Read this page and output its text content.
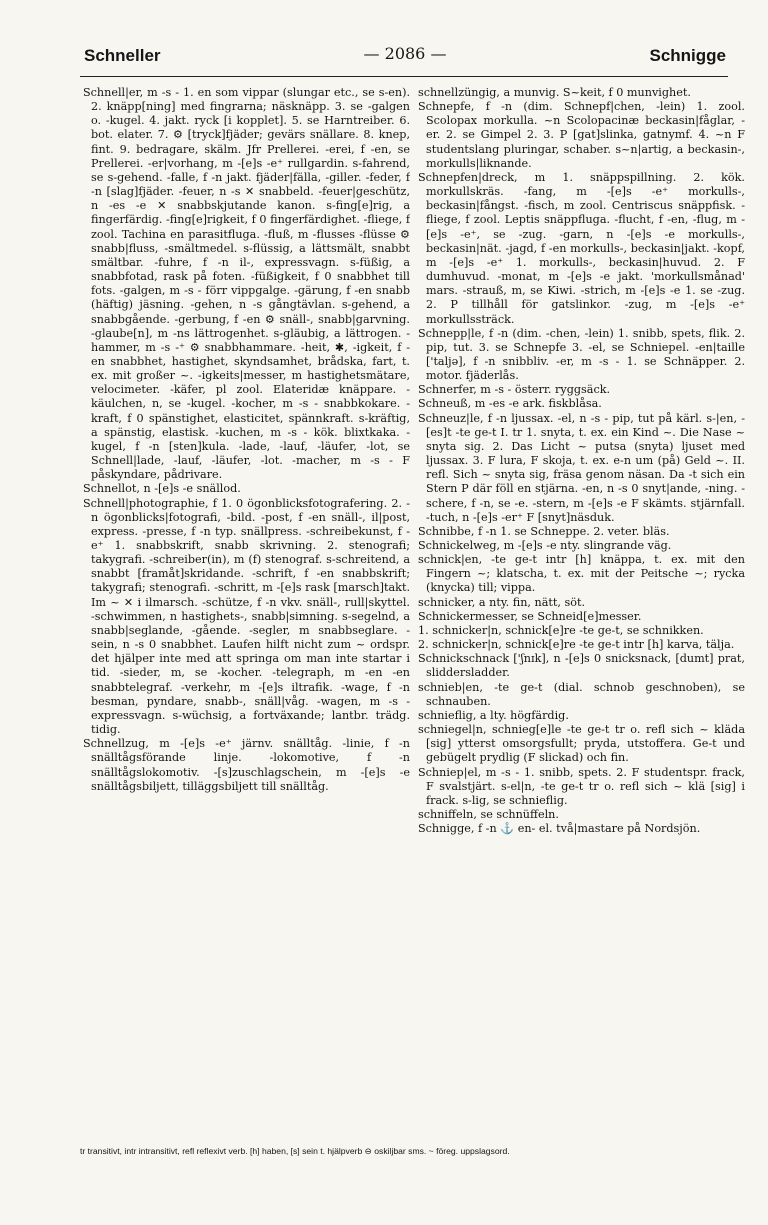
Schneller	— 2086 —	Schnigge

Schnell|er, m -s - 1. en som vippar (slungar etc., se s-en). 2. knäpp[ning] med fingrarna; näsknäpp. 3. se -galgen o. -kugel. 4. jakt. ryck [i kopplet]. 5. se Harntreiber. 6. bot. elater. 7. ⚙ [tryck]fjäder; gevärs snällare. 8. knep, fint. 9. bedragare, skälm. Jfr Prellerei. -erei, f -en, se Prellerei. -er|vorhang, m -[e]s -e⁺ rullgardin. s-fahrend, se s-gehend. -falle, f -n jakt. fjäder|fälla, -giller. -feder, f -n [slag]fjäder. -feuer, n -s ✕ snabbeld. -feuer|geschütz, n -es -e ✕ snabbskjutande kanon. s-fing[e]rig, a fingerfärdig. -fing[e]rigkeit, f 0 fingerfärdighet. -fliege, f zool. Tachina en parasitfluga. -fluß, m -flusses -flüsse ⚙ snabb|fluss, -smältmedel. s-flüssig, a lättsmält, snabbt smältbar. -fuhre, f -n il-, expressvagn. s-füßig, a snabbfotad, rask på foten. -füßigkeit, f 0 snabbhet till fots. -galgen, m -s - förr vippgalge. -gärung, f -en snabb (häftig) jäsning. -gehen, n -s gångtävlan. s-gehend, a snabbgående. -gerbung, f -en ⚙ snäll-, snabb|garvning. -glaube[n], m -ns lättrogenhet. s-gläubig, a lättrogen. -hammer, m -s -⁺ ⚙ snabbhammare. -heit, ✱, -igkeit, f -en snabbhet, hastighet, skyndsamhet, brådska, fart, t. ex. mit großer ~. -igkeits|messer, m hastighetsmätare, velocimeter. -käfer, pl zool. Elateridæ knäppare. -käulchen, n, se -kugel. -kocher, m -s - snabbkokare. -kraft, f 0 spänstighet, elasticitet, spännkraft. s-kräftig, a spänstig, elastisk. -kuchen, m -s - kök. blixtkaka. -kugel, f -n [sten]kula. -lade, -lauf, -läufer, -lot, se Schnell|lade, -lauf, -läufer, -lot. -macher, m -s - F påskyndare, pådrivare.

Schnellot, n -[e]s -e snällod.

Schnell|photographie, f 1. 0 ögonblicksfotografering. 2. -n ögonblicks|fotografi, -bild. -post, f -en snäll-, il|post, express. -presse, f -n typ. snällpress. -schreibekunst, f -e⁺ 1. snabbskrift, snabb skrivning. 2. stenografi; takygrafi. -schreiber(in), m (f) stenograf. s-schreitend, a snabbt [framåt]skridande. -schrift, f -en snabbskrift; takygrafi; stenografi. -schritt, m -[e]s rask [marsch]takt. Im ~ ✕ i ilmarsch. -schütze, f -n vkv. snäll-, rull|skyttel. -schwimmen, n hastighets-, snabb|simning. s-segelnd, a snabb|seglande, -gående. -segler, m snabbseglare. -sein, n -s 0 snabbhet. Laufen hilft nicht zum ~ ordspr. det hjälper inte med att springa om man inte startar i tid. -sieder, m, se -kocher. -telegraph, m -en -en snabbtelegraf. -verkehr, m -[e]s iltrafik. -wage, f -n besman, pyndare, snabb-, snäll|våg. -wagen, m -s - expressvagn. s-wüchsig, a fortväxande; lantbr. trädg. tidig.

Schnellzug, m -[e]s -e⁺ järnv. snälltåg. -linie, f -n snälltågsförande linje. -lokomotive, f -n snälltågslokomotiv. -[s]zuschlagschein, m -[e]s -e snälltågsbiljett, tilläggsbiljett till snälltåg.

schnellzüngig, a munvig. S~keit, f 0 munvighet.

Schnepfe, f -n (dim. Schnepf|chen, -lein) 1. zool. Scolopax morkulla. ~n Scolopacinæ beckasin|fåglar, -er. 2. se Gimpel 2. 3. P [gat]slinka, gatnymf. 4. ~n F studentslang pluringar, schaber. s~n|artig, a beckasin-, morkulls|liknande.

Schnepfen|dreck, m 1. snäppspillning. 2. kök. morkullskräs. -fang, m -[e]s -e⁺ morkulls-, beckasin|fångst. -fisch, m zool. Centriscus snäppfisk. -fliege, f zool. Leptis snäppfluga. -flucht, f -en, -flug, m -[e]s -e⁺, se -zug. -garn, n -[e]s -e morkulls-, beckasin|nät. -jagd, f -en morkulls-, beckasin|jakt. -kopf, m -[e]s -e⁺ 1. morkulls-, beckasin|huvud. 2. F dumhuvud. -monat, m -[e]s -e jakt. 'morkullsmånad' mars. -strauß, m, se Kiwi. -strich, m -[e]s -e 1. se -zug. 2. P tillhåll för gatslinkor. -zug, m -[e]s -e⁺ morkullssträck.

Schnepp|le, f -n (dim. -chen, -lein) 1. snibb, spets, flik. 2. pip, tut. 3. se Schnepfe 3. -el, se Schniepel. -en|taille ['taljə], f -n snibbliv. -er, m -s - 1. se Schnäpper. 2. motor. fjäderlås.

Schnerfer, m -s - österr. ryggsäck.

Schneuß, m -es -e ark. fiskblåsa.

Schneuz|le, f -n ljussax. -el, n -s - pip, tut på kärl. s-|en, -[es]t -te ge-t I. tr 1. snyta, t. ex. ein Kind ~. Die Nase ~ snyta sig. 2. Das Licht ~ putsa (snyta) ljuset med ljussax. 3. F lura, F skoja, t. ex. e-n um (på) Geld ~. II. refl. Sich ~ snyta sig, fräsa genom näsan. Da -t sich ein Stern P där föll en stjärna. -en, n -s 0 snyt|ande, -ning. -schere, f -n, se -e. -stern, m -[e]s -e F skämts. stjärnfall. -tuch, n -[e]s -er⁺ F [snyt]näsduk.

Schnibbe, f -n 1. se Schneppe. 2. veter. bläs.

Schnickelweg, m -[e]s -e nty. slingrande väg.

schnick|en, -te ge-t intr [h] knäppa, t. ex. mit den Fingern ~; klatscha, t. ex. mit der Peitsche ~; rycka (knycka) till; vippa.

schnicker, a nty. fin, nätt, söt.

Schnickermesser, se Schneid[e]messer.

1. schnicker|n, schnick[e]re -te ge-t, se schnikken.

2. schnicker|n, schnick[e]re -te ge-t intr [h] karva, tälja.

Schnickschnack ['ʃnɪk], n -[e]s 0 snicksnack, [dumt] prat, sliddersladder.

schnieb|en, -te ge-t (dial. schnob geschnoben), se schnauben.

schnieflig, a lty. högfärdig.

schniegel|n, schnieg[e]le -te ge-t tr o. refl sich ~ kläda [sig] ytterst omsorgsfullt; pryda, utstoffera. Ge-t und gebügelt prydlig (F slickad) och fin.

Schniep|el, m -s - 1. snibb, spets. 2. F studentspr. frack, F svalstjärt. s-el|n, -te ge-t tr o. refl sich ~ klä [sig] i frack. s-lig, se schnieflig.

schniffeln, se schnüffeln.

Schnigge, f -n ⚓ en- el. två|mastare på Nordsjön.

tr transitivt, intr intransitivt, refl reflexivt verb. [h] haben, [s] sein t. hjälpverb ⊖ oskiljbar sms. ~ föreg. uppslagsord.
